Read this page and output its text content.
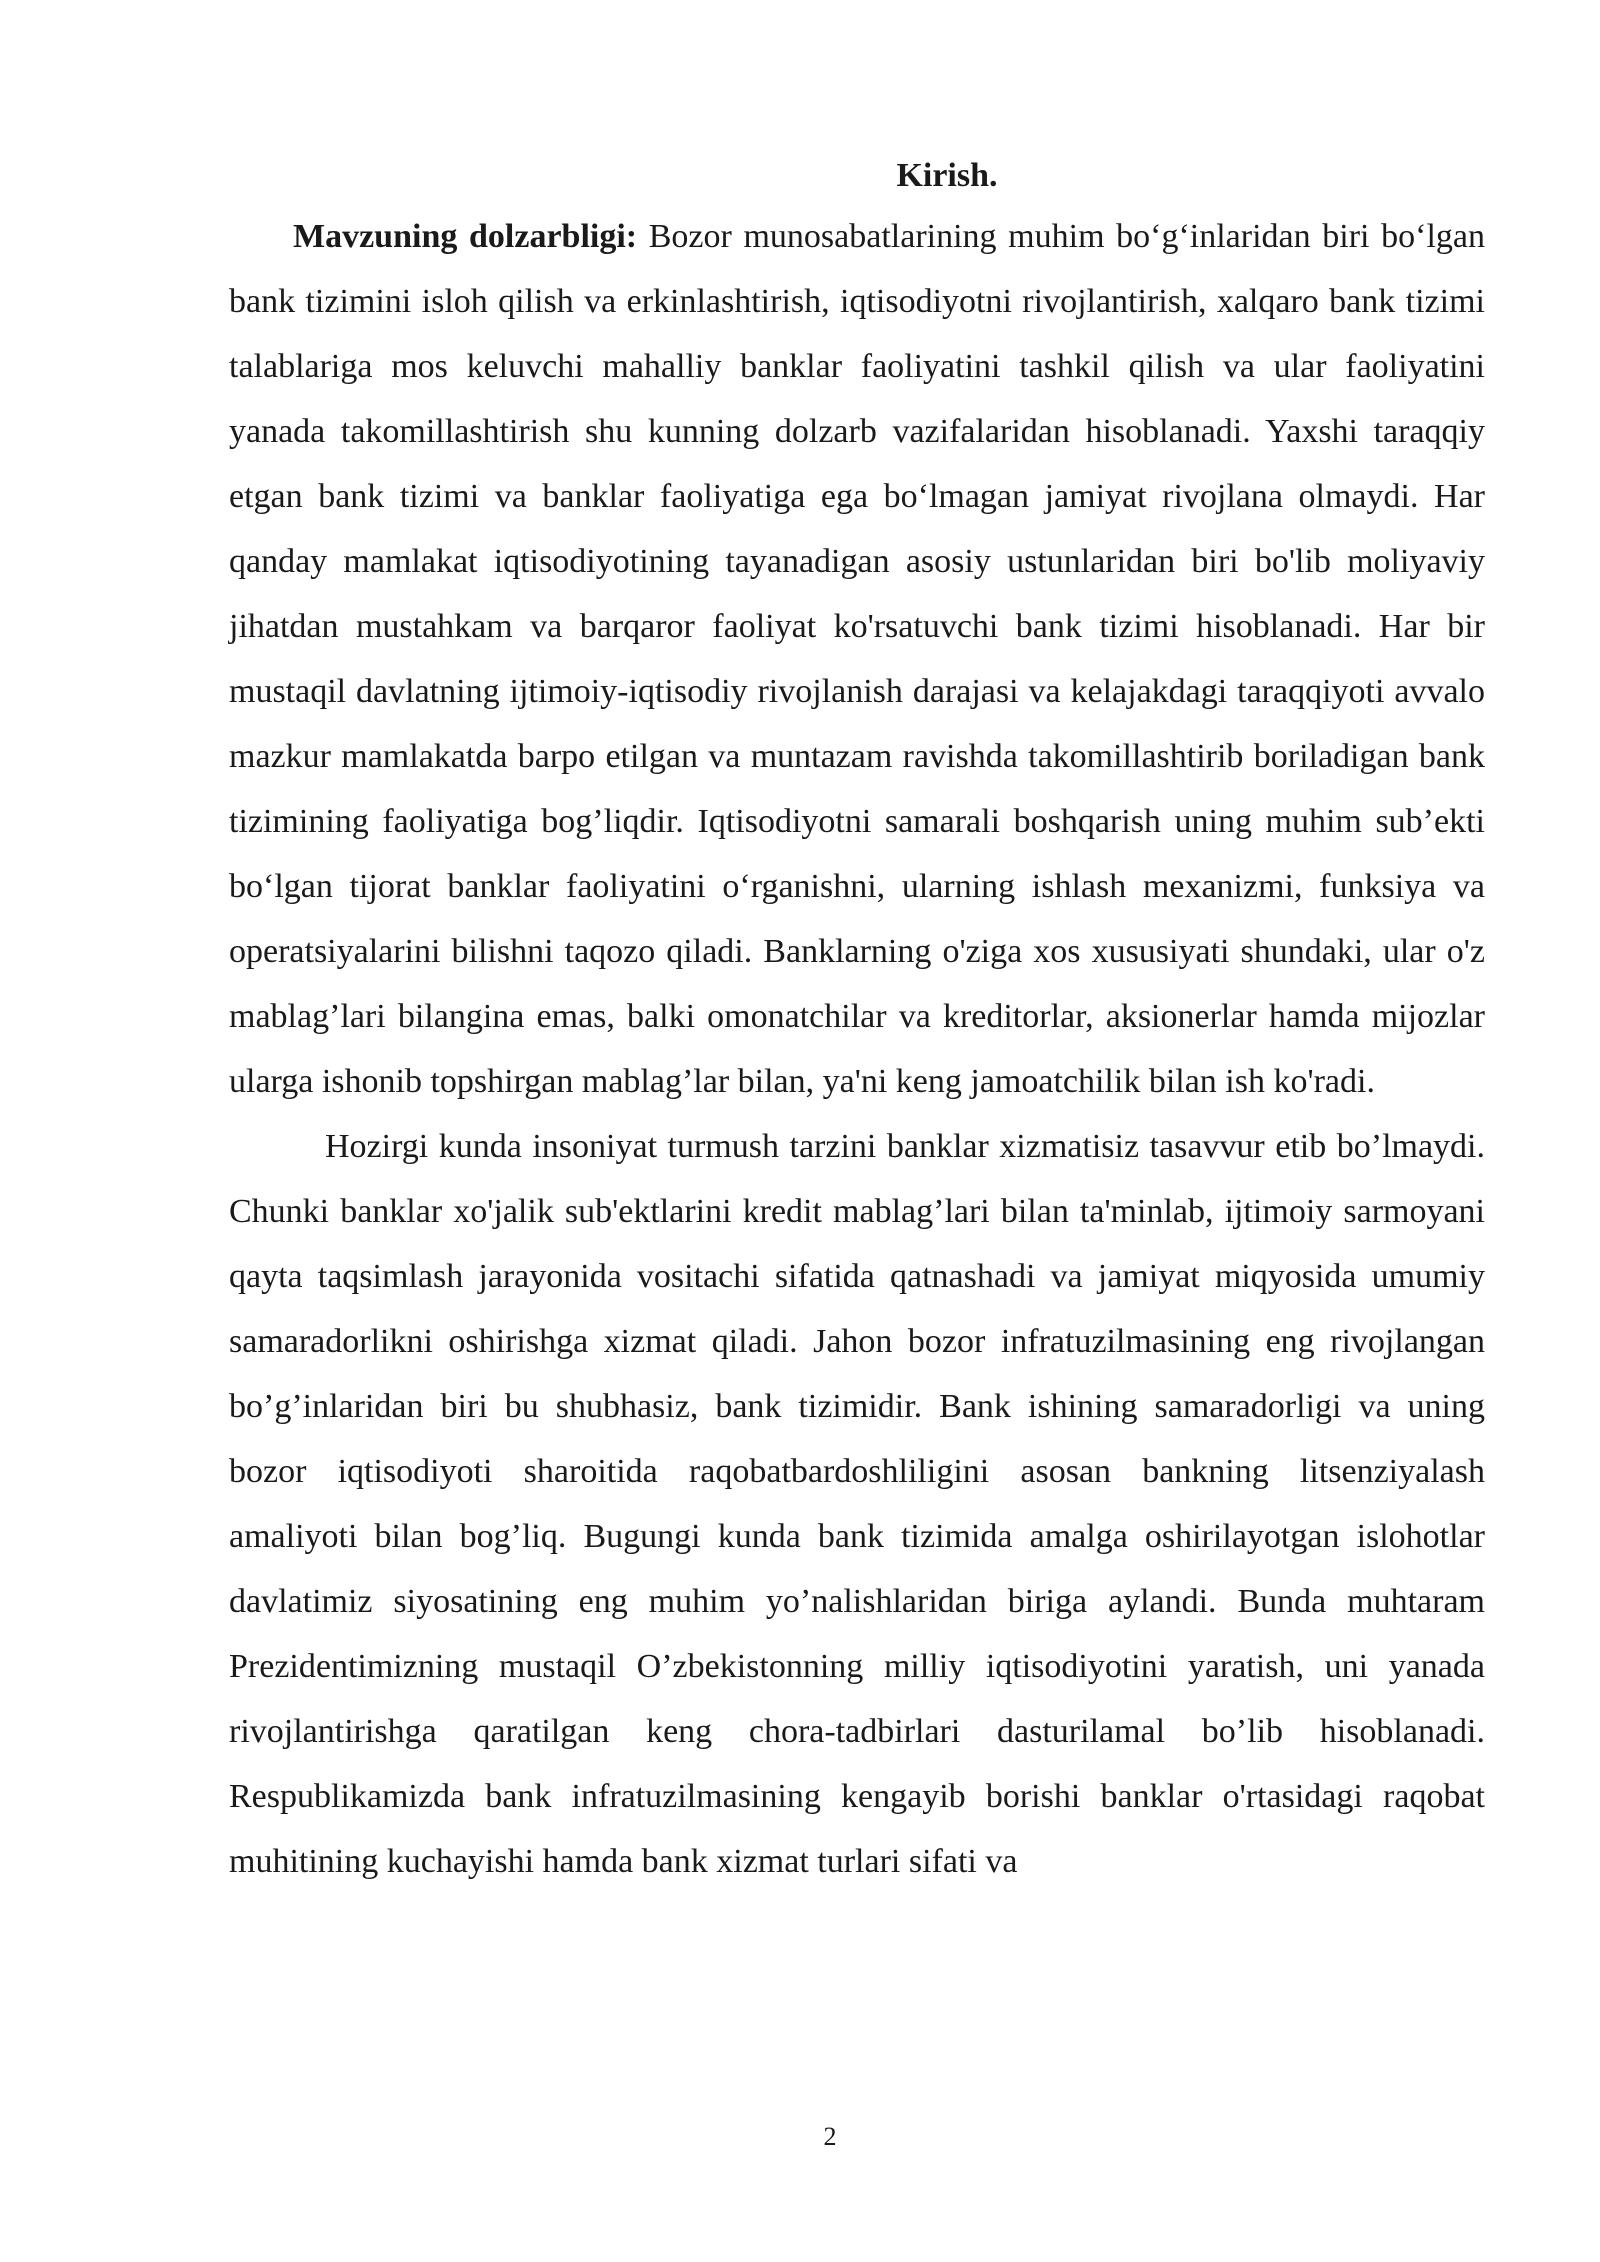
Kirish.

Mavzuning dolzarbligi: Bozor munosabatlarining muhim bo‘g‘inlaridan biri bo‘lgan bank tizimini isloh qilish va erkinlashtirish, iqtisodiyotni rivojlantirish, xalqaro bank tizimi talablariga mos keluvchi mahalliy banklar faoliyatini tashkil qilish va ular faoliyatini yanada takomillashtirish shu kunning dolzarb vazifalaridan hisoblanadi. Yaxshi taraqqiy etgan bank tizimi va banklar faoliyatiga ega bo‘lmagan jamiyat rivojlana olmaydi. Har qanday mamlakat iqtisodiyotining tayanadigan asosiy ustunlaridan biri bo'lib moliyaviy jihatdan mustahkam va barqaror faoliyat ko'rsatuvchi bank tizimi hisoblanadi. Har bir mustaqil davlatning ijtimoiy-iqtisodiy rivojlanish darajasi va kelajakdagi taraqqiyoti avvalo mazkur mamlakatda barpo etilgan va muntazam ravishda takomillashtirib boriladigan bank tizimining faoliyatiga bog’liqdir. Iqtisodiyotni samarali boshqarish uning muhim sub’ekti bo‘lgan tijorat banklar faoliyatini o‘rganishni, ularning ishlash mexanizmi, funksiya va operatsiyalarini bilishni taqozo qiladi. Banklarning o'ziga xos xususiyati shundaki, ular o'z mablag’lari bilangina emas, balki omonatchilar va kreditorlar, aksionerlar hamda mijozlar ularga ishonib topshirgan mablag’lar bilan, ya'ni keng jamoatchilik bilan ish ko'radi.

Hozirgi kunda insoniyat turmush tarzini banklar xizmatisiz tasavvur etib bo’lmaydi. Chunki banklar xo'jalik sub'ektlarini kredit mablag’lari bilan ta'minlab, ijtimoiy sarmoyani qayta taqsimlash jarayonida vositachi sifatida qatnashadi va jamiyat miqyosida umumiy samaradorlikni oshirishga xizmat qiladi. Jahon bozor infratuzilmasining eng rivojlangan bo’g’inlaridan biri bu shubhasiz, bank tizimidir. Bank ishining samaradorligi va uning bozor iqtisodiyoti sharoitida raqobatbardoshliligini asosan bankning litsenziyalash amaliyoti bilan bog’liq. Bugungi kunda bank tizimida amalga oshirilayotgan islohotlar davlatimiz siyosatining eng muhim yo’nalishlaridan biriga aylandi. Bunda muhtaram Prezidentimizning mustaqil O’zbekistonning milliy iqtisodiyotini yaratish, uni yanada rivojlantirishga qaratilgan keng chora-tadbirlari dasturilamal bo’lib hisoblanadi. Respublikamizda bank infratuzilmasining kengayib borishi banklar o'rtasidagi raqobat muhitining kuchayishi hamda bank xizmat turlari sifati va

2
